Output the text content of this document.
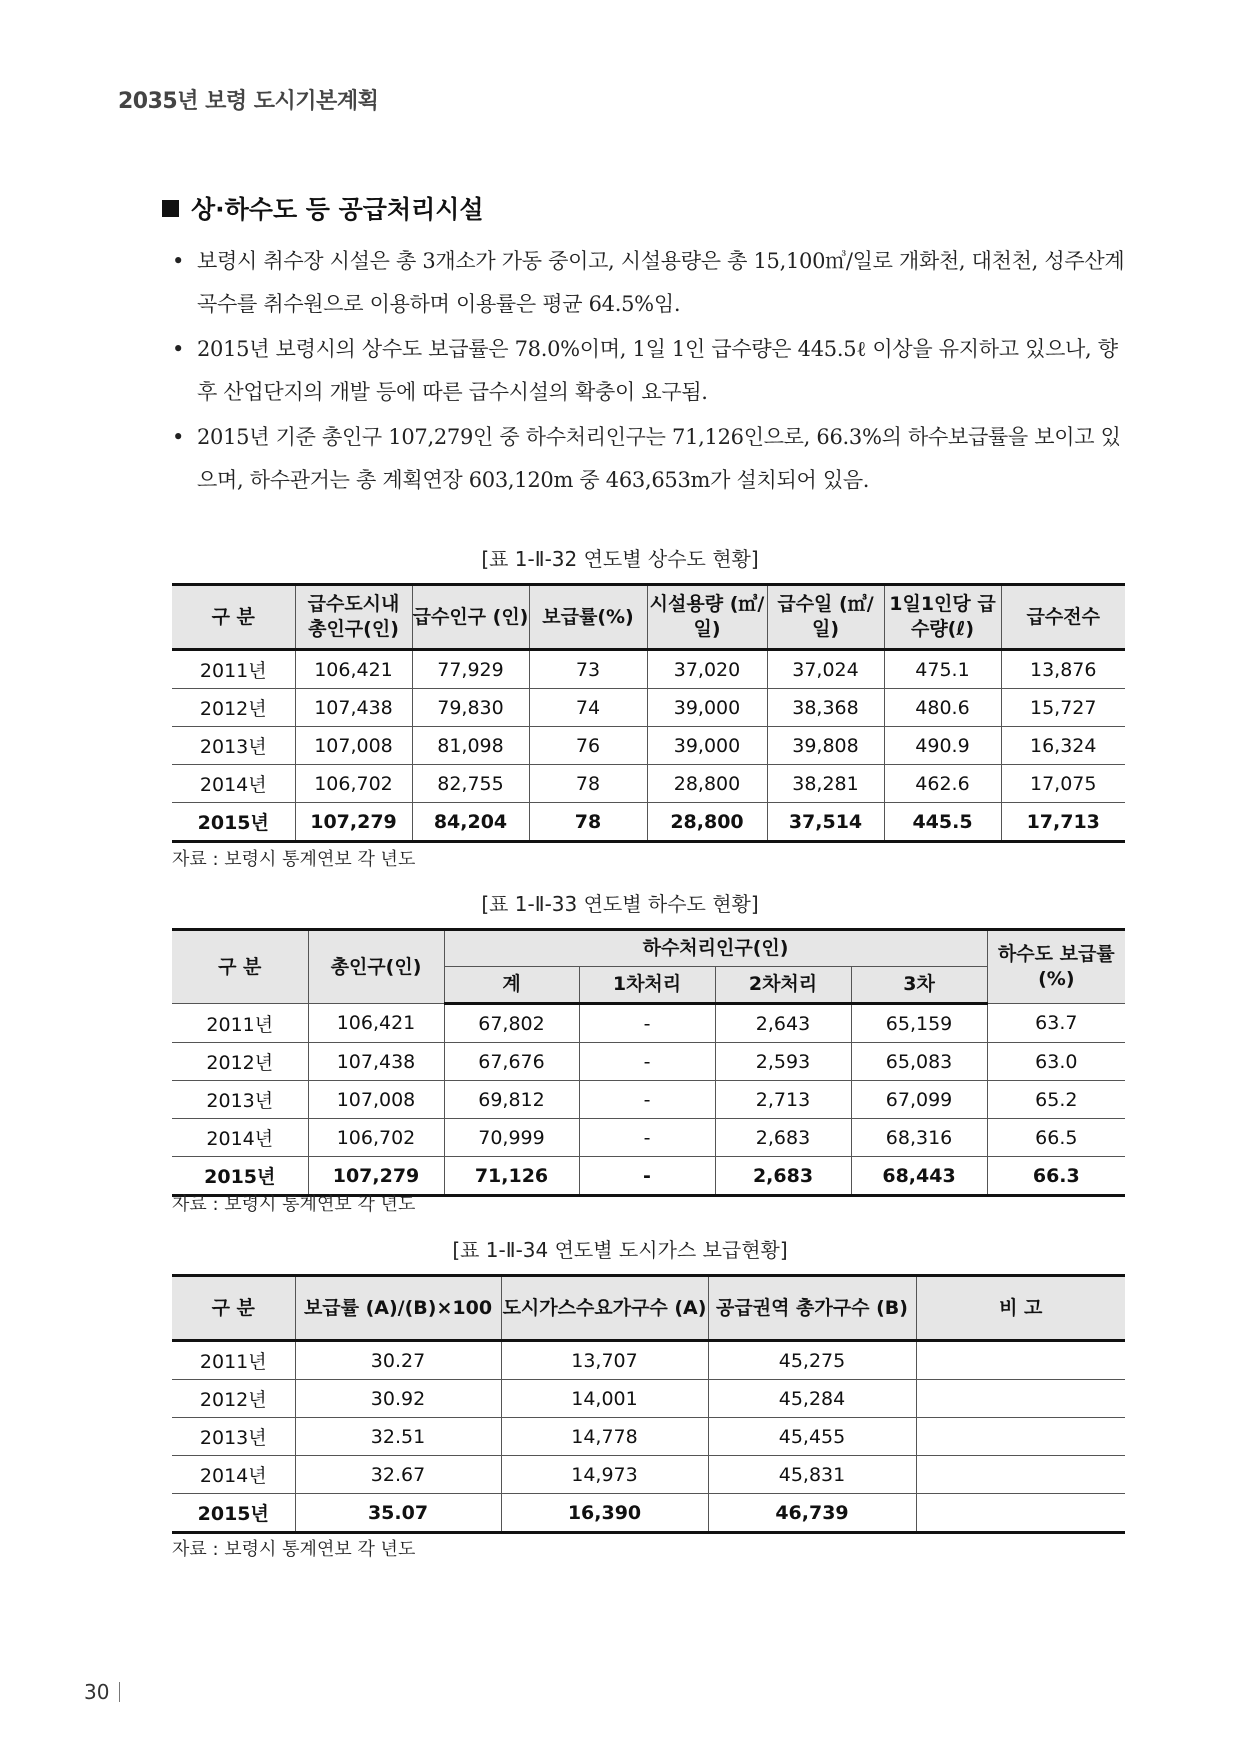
2035년 보령 도시기본계획
상·하수도 등 공급처리시설
• 보령시 취수장 시설은 총 3개소가 가동 중이고, 시설용량은 총 15,100㎥/일로 개화천, 대천천, 성주산계곡수를 취수원으로 이용하며 이용률은 평균 64.5%임.
• 2015년 보령시의 상수도 보급률은 78.0%이며, 1일 1인 급수량은 445.5ℓ 이상을 유지하고 있으나, 향후 산업단지의 개발 등에 따른 급수시설의 확충이 요구됨.
• 2015년 기준 총인구 107,279인 중 하수처리인구는 71,126인으로, 66.3%의 하수보급률을 보이고 있으며, 하수관거는 총 계획연장 603,120m 중 463,653m가 설치되어 있음.
[표 1-Ⅱ-32 연도별 상수도 현황]
구 분	급수도시내 총인구(인)	급수인구 (인)	보급률(%)	시설용량 (㎥/일)	급수일 (㎥/일)	1일1인당 급수량(ℓ)	급수전수
2011년	106,421	77,929	73	37,020	37,024	475.1	13,876
2012년	107,438	79,830	74	39,000	38,368	480.6	15,727
2013년	107,008	81,098	76	39,000	39,808	490.9	16,324
2014년	106,702	82,755	78	28,800	38,281	462.6	17,075
2015년	107,279	84,204	78	28,800	37,514	445.5	17,713
자료 : 보령시 통계연보 각 년도
[표 1-Ⅱ-33 연도별 하수도 현황]
구 분	총인구(인)	하수처리인구(인)				하수도 보급률(%)
		계	1차처리	2차처리	3차	
2011년	106,421	67,802	-	2,643	65,159	63.7
2012년	107,438	67,676	-	2,593	65,083	63.0
2013년	107,008	69,812	-	2,713	67,099	65.2
2014년	106,702	70,999	-	2,683	68,316	66.5
2015년	107,279	71,126	-	2,683	68,443	66.3
자료 : 보령시 통계연보 각 년도
[표 1-Ⅱ-34 연도별 도시가스 보급현황]
구 분	보급률 (A)/(B)×100	도시가스수요가구수 (A)	공급권역 총가구수 (B)	비 고
2011년	30.27	13,707	45,275	
2012년	30.92	14,001	45,284	
2013년	32.51	14,778	45,455	
2014년	32.67	14,973	45,831	
2015년	35.07	16,390	46,739	
자료 : 보령시 통계연보 각 년도
30
